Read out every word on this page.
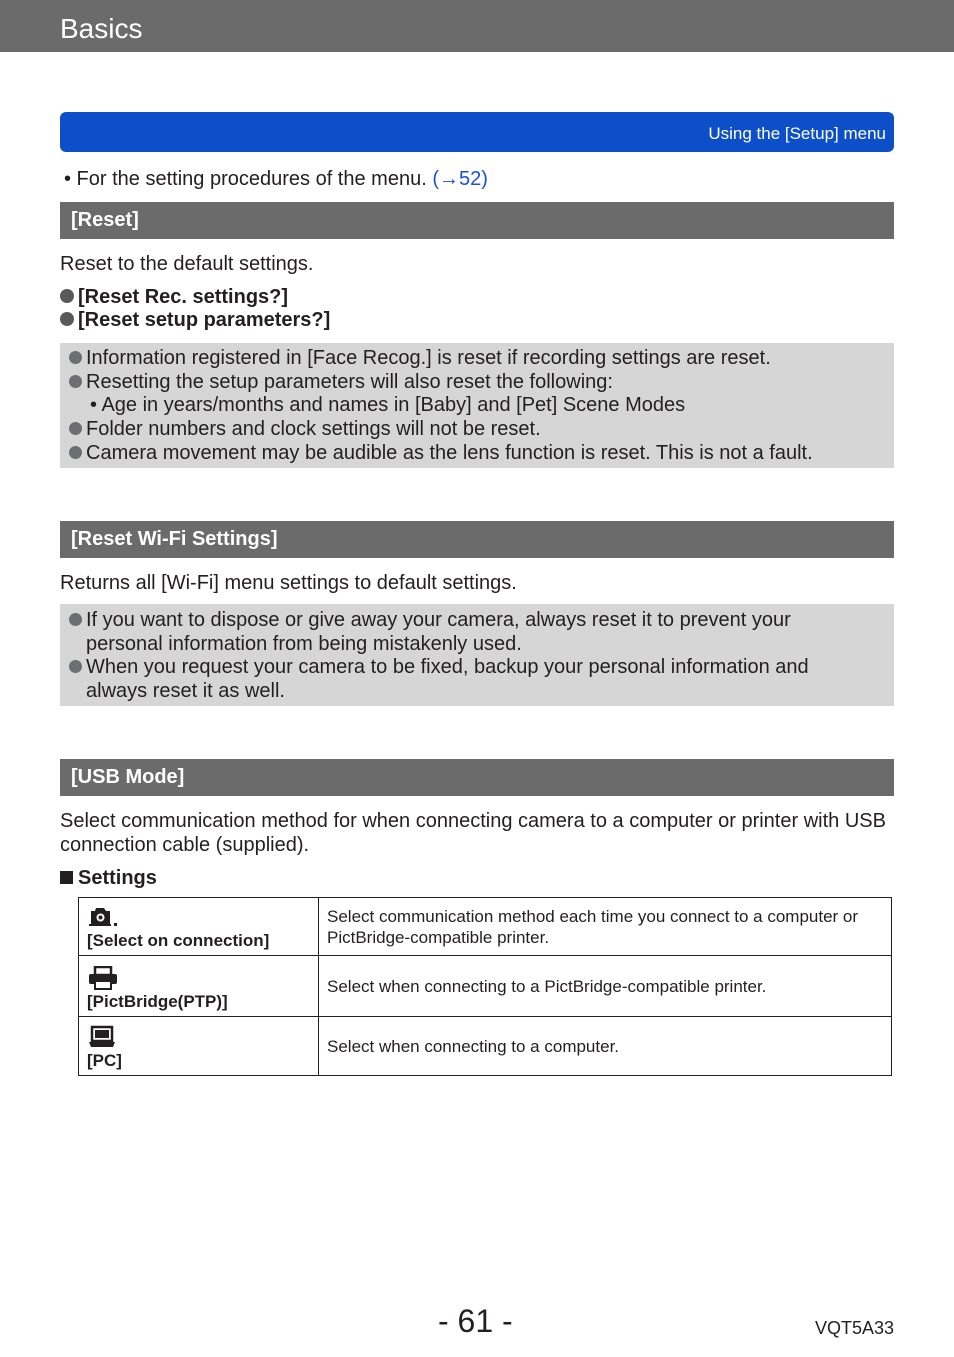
Basics
Using the [Setup] menu
• For the setting procedures of the menu. (→52)
[Reset]
Reset to the default settings.
[Reset Rec. settings?]
[Reset setup parameters?]
Information registered in [Face Recog.] is reset if recording settings are reset.
Resetting the setup parameters will also reset the following:
• Age in years/months and names in [Baby] and [Pet] Scene Modes
Folder numbers and clock settings will not be reset.
Camera movement may be audible as the lens function is reset. This is not a fault.
[Reset Wi-Fi Settings]
Returns all [Wi-Fi] menu settings to default settings.
If you want to dispose or give away your camera, always reset it to prevent your
personal information from being mistakenly used.
When you request your camera to be fixed, backup your personal information and
always reset it as well.
[USB Mode]
Select communication method for when connecting camera to a computer or printer with USB connection cable (supplied).
Settings
[Select on connection]	Select communication method each time you connect to a computer or PictBridge-compatible printer.

[PictBridge(PTP)]	Select when connecting to a PictBridge-compatible printer.

[PC]	Select when connecting to a computer.
- 61 -	VQT5A33
